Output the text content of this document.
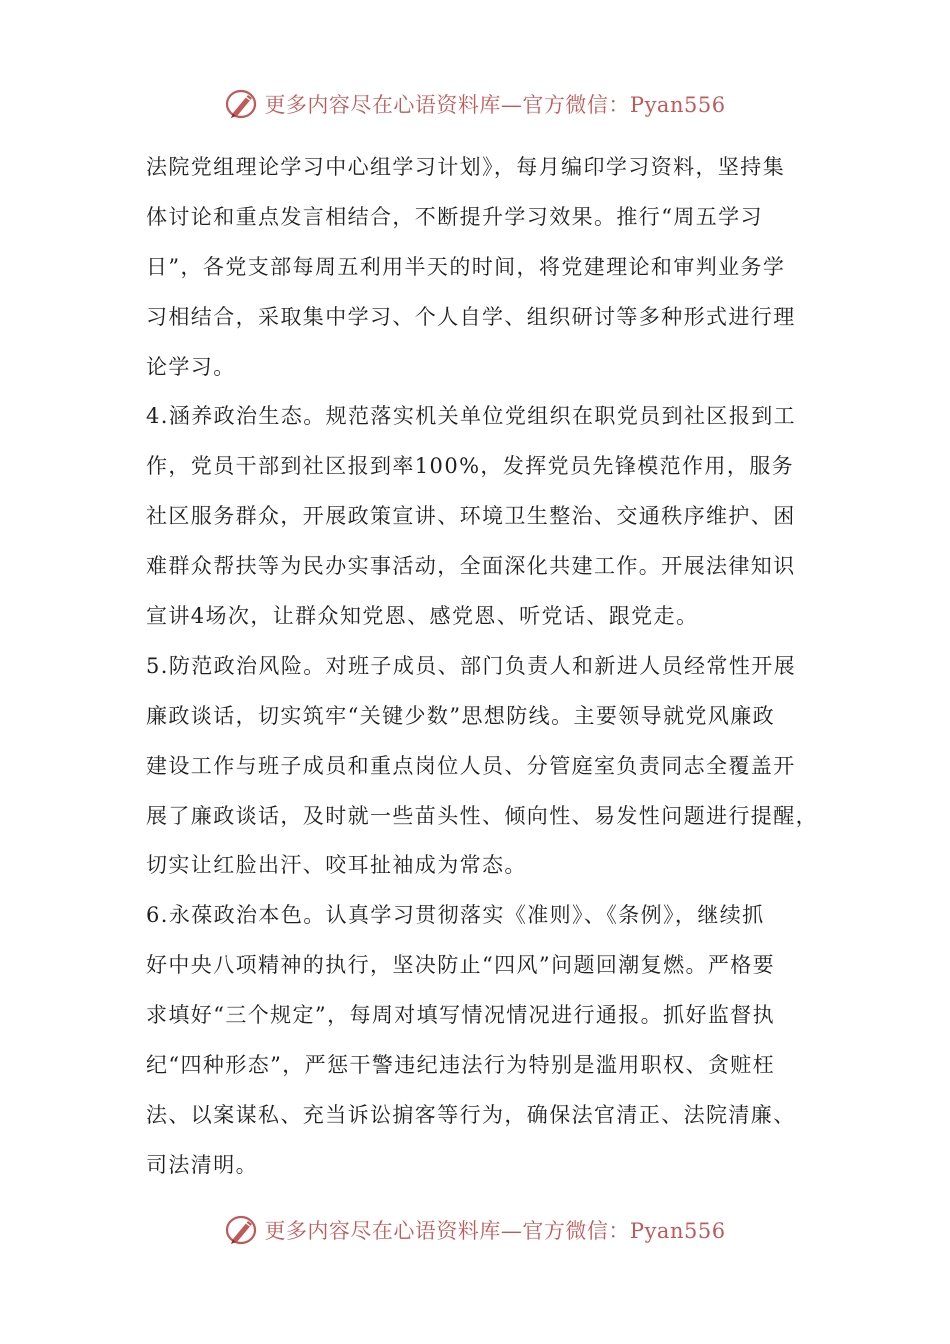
更多内容尽在心语资料库—官方微信：Pyan556
法院党组理论学习中心组学习计划》，每月编印学习资料，坚持集
体讨论和重点发言相结合，不断提升学习效果。推行“周五学习
日”，各党支部每周五利用半天的时间，将党建理论和审判业务学
习相结合，采取集中学习、个人自学、组织研讨等多种形式进行理
论学习。
4.涵养政治生态。规范落实机关单位党组织在职党员到社区报到工
作，党员干部到社区报到率100%，发挥党员先锋模范作用，服务
社区服务群众，开展政策宣讲、环境卫生整治、交通秩序维护、困
难群众帮扶等为民办实事活动，全面深化共建工作。开展法律知识
宣讲4场次，让群众知党恩、感党恩、听党话、跟党走。
5.防范政治风险。对班子成员、部门负责人和新进人员经常性开展
廉政谈话，切实筑牢“关键少数”思想防线。主要领导就党风廉政
建设工作与班子成员和重点岗位人员、分管庭室负责同志全覆盖开
展了廉政谈话，及时就一些苗头性、倾向性、易发性问题进行提醒，
切实让红脸出汗、咬耳扯袖成为常态。
6.永葆政治本色。认真学习贯彻落实《准则》、《条例》，继续抓
好中央八项精神的执行，坚决防止“四风”问题回潮复燃。严格要
求填好“三个规定”，每周对填写情况情况进行通报。抓好监督执
纪“四种形态”，严惩干警违纪违法行为特别是滥用职权、贪赃枉
法、以案谋私、充当诉讼掮客等行为，确保法官清正、法院清廉、
司法清明。
更多内容尽在心语资料库—官方微信：Pyan556
